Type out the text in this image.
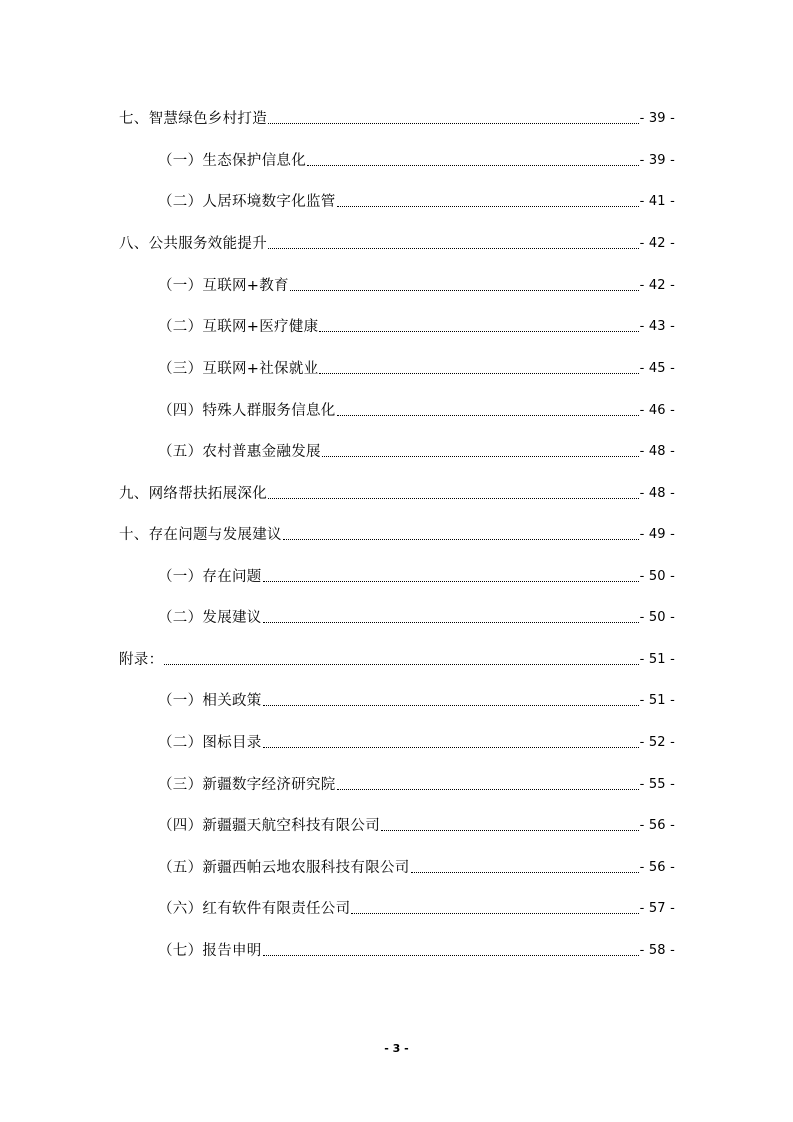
七、智慧绿色乡村打造	- 39 -
（一）生态保护信息化	- 39 -
（二）人居环境数字化监管	- 41 -
八、公共服务效能提升	- 42 -
（一）互联网+教育	- 42 -
（二）互联网+医疗健康	- 43 -
（三）互联网+社保就业	- 45 -
（四）特殊人群服务信息化	- 46 -
（五）农村普惠金融发展	- 48 -
九、网络帮扶拓展深化	- 48 -
十、存在问题与发展建议	- 49 -
（一）存在问题	- 50 -
（二）发展建议	- 50 -
附录：	- 51 -
（一）相关政策	- 51 -
（二）图标目录	- 52 -
（三）新疆数字经济研究院	- 55 -
（四）新疆疆天航空科技有限公司	- 56 -
（五）新疆西帕云地农服科技有限公司	- 56 -
（六）红有软件有限责任公司	- 57 -
（七）报告申明	- 58 -
- 3 -
